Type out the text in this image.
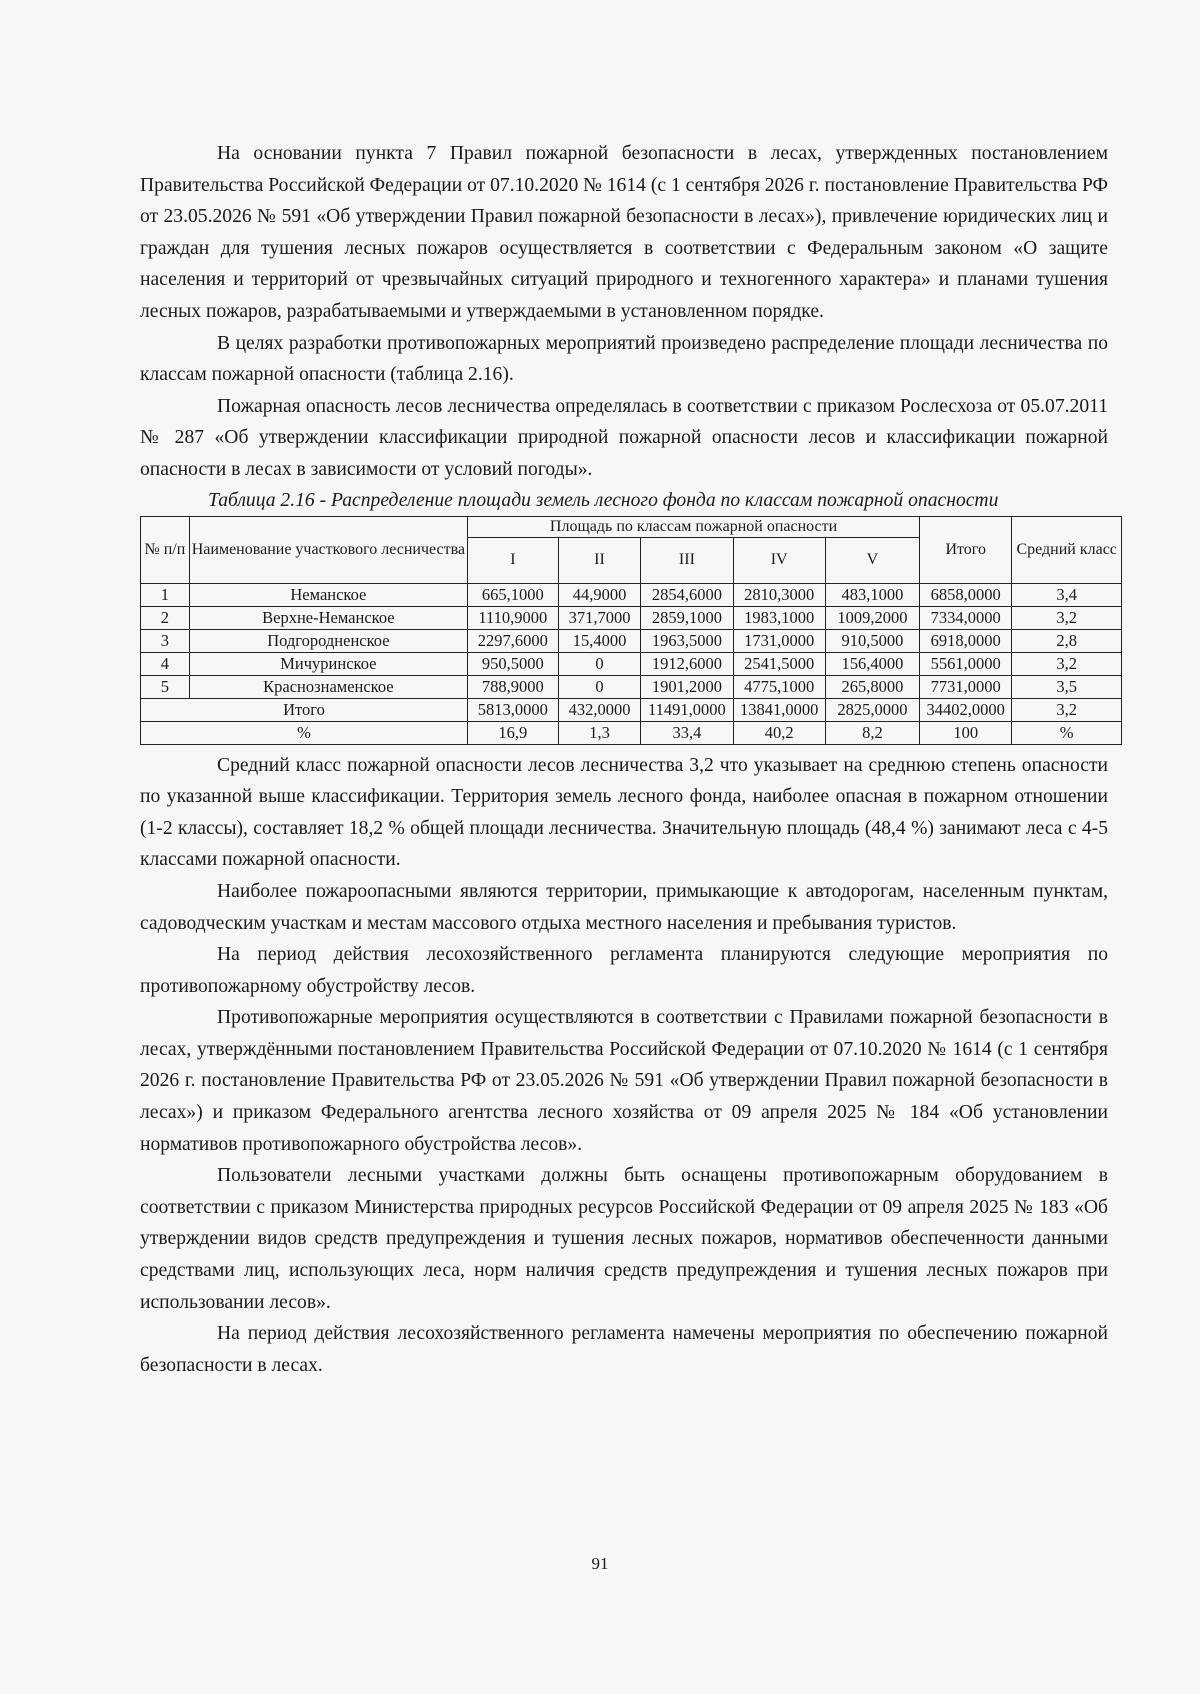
На основании пункта 7 Правил пожарной безопасности в лесах, утвержденных постановлением Правительства Российской Федерации от 07.10.2020 № 1614 (с 1 сентября 2026 г. постановление Правительства РФ от 23.05.2026 № 591 «Об утверждении Правил пожарной безопасности в лесах»), привлечение юридических лиц и граждан для тушения лесных пожаров осуществляется в соответствии с Федеральным законом «О защите населения и территорий от чрезвычайных ситуаций природного и техногенного характера» и планами тушения лесных пожаров, разрабатываемыми и утверждаемыми в установленном порядке.

В целях разработки противопожарных мероприятий произведено распределение площади лесничества по классам пожарной опасности (таблица 2.16).

Пожарная опасность лесов лесничества определялась в соответствии с приказом Рослесхоза от 05.07.2011 № 287 «Об утверждении классификации природной пожарной опасности лесов и классификации пожарной опасности в лесах в зависимости от условий погоды».

Таблица 2.16 - Распределение площади земель лесного фонда по классам пожарной опасности
№ п/п	Наименование участкового лесничества	Площадь по классам пожарной опасности					Итого	Средний класс
		I	II	III	IV	V		
1	Неманское	665,1000	44,9000	2854,6000	2810,3000	483,1000	6858,0000	3,4
2	Верхне-Неманское	1110,9000	371,7000	2859,1000	1983,1000	1009,2000	7334,0000	3,2
3	Подгородненское	2297,6000	15,4000	1963,5000	1731,0000	910,5000	6918,0000	2,8
4	Мичуринское	950,5000	0	1912,6000	2541,5000	156,4000	5561,0000	3,2
5	Краснознаменское	788,9000	0	1901,2000	4775,1000	265,8000	7731,0000	3,5
Итого		5813,0000	432,0000	11491,0000	13841,0000	2825,0000	34402,0000	3,2
%		16,9	1,3	33,4	40,2	8,2	100	%

Средний класс пожарной опасности лесов лесничества 3,2 что указывает на среднюю степень опасности по указанной выше классификации. Территория земель лесного фонда, наиболее опасная в пожарном отношении (1-2 классы), составляет 18,2 % общей площади лесничества. Значительную площадь (48,4 %) занимают леса с 4-5 классами пожарной опасности.

Наиболее пожароопасными являются территории, примыкающие к автодорогам, населенным пунктам, садоводческим участкам и местам массового отдыха местного населения и пребывания туристов.

На период действия лесохозяйственного регламента планируются следующие мероприятия по противопожарному обустройству лесов.

Противопожарные мероприятия осуществляются в соответствии с Правилами пожарной безопасности в лесах, утверждёнными постановлением Правительства Российской Федерации от 07.10.2020 № 1614 (с 1 сентября 2026 г. постановление Правительства РФ от 23.05.2026 № 591 «Об утверждении Правил пожарной безопасности в лесах») и приказом Федерального агентства лесного хозяйства от 09 апреля 2025 № 184 «Об установлении нормативов противопожарного обустройства лесов».

Пользователи лесными участками должны быть оснащены противопожарным оборудованием в соответствии с приказом Министерства природных ресурсов Российской Федерации от 09 апреля 2025 № 183 «Об утверждении видов средств предупреждения и тушения лесных пожаров, нормативов обеспеченности данными средствами лиц, использующих леса, норм наличия средств предупреждения и тушения лесных пожаров при использовании лесов».

На период действия лесохозяйственного регламента намечены мероприятия по обеспечению пожарной безопасности в лесах.

91
